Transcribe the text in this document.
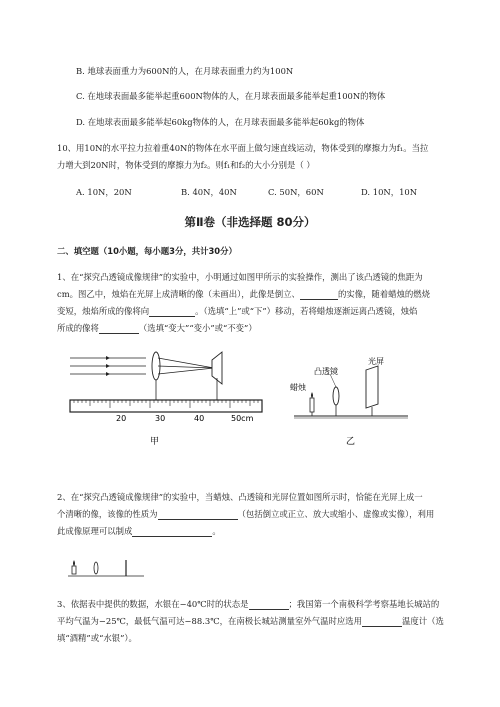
B. 地球表面重力为600N的人，在月球表面重力约为100N
C. 在地球表面最多能举起重600N物体的人，在月球表面最多能举起重100N的物体
D. 在地球表面最多能举起60kg物体的人，在月球表面最多能举起60kg的物体
10、用10N的水平拉力拉着重40N的物体在水平面上做匀速直线运动，物体受到的摩擦力为f₁。当拉
力增大到20N时，物体受到的摩擦力为f₂。则f₁和f₂的大小分别是（ ）
A. 10N，20N	B. 40N，40N	C. 50N，60N	D. 10N，10N
第Ⅱ卷（非选择题 80分）
二、填空题（10小题，每小题3分，共计30分）
1、在“探究凸透镜成像规律”的实验中，小明通过如图甲所示的实验操作，测出了该凸透镜的焦距为
cm。图乙中，烛焰在光屏上成清晰的像（未画出），此像是倒立、	的实像，随着蜡烛的燃烧
变短，烛焰所成的像将向	。（选填“上”或“下”）移动，若将蜡烛逐渐远离凸透镜，烛焰
所成的像将	（选填“变大”“变小”或“不变”）
20	30	40	50cm
甲
光屏
凸透镜
蜡烛
乙
2、在“探究凸透镜成像规律”的实验中，当蜡烛、凸透镜和光屏位置如图所示时，恰能在光屏上成一
个清晰的像，该像的性质为	（包括倒立或正立、放大或缩小、虚像或实像），利用
此成像原理可以制成	。
3、依据表中提供的数据，水银在−40℃时的状态是	；我国第一个南极科学考察基地长城站的
平均气温为−25℃，最低气温可达−88.3℃，在南极长城站测量室外气温时应选用	温度计（选
填“酒精”或“水银”）。
